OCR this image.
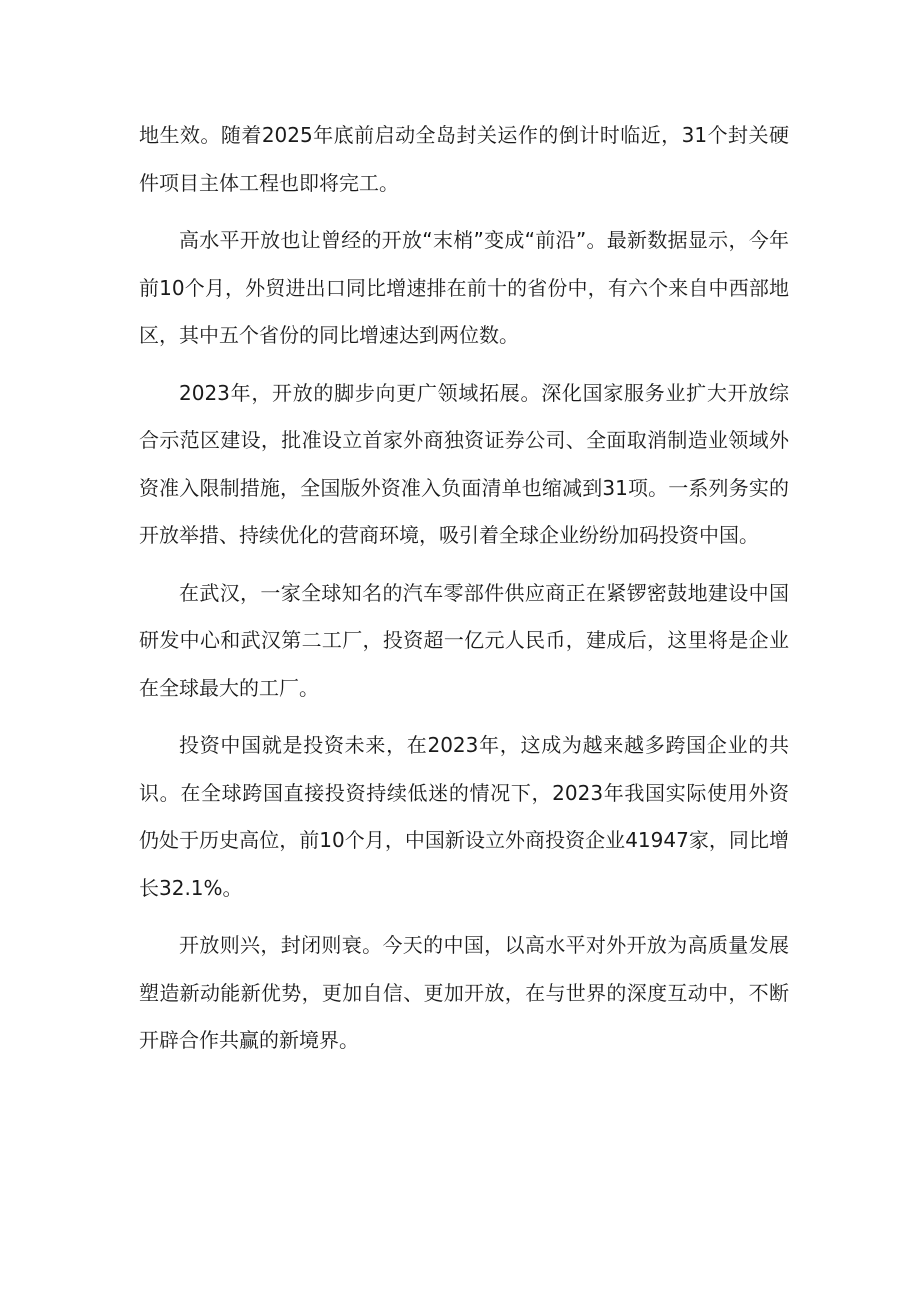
地生效。随着2025年底前启动全岛封关运作的倒计时临近，31个封关硬件项目主体工程也即将完工。

高水平开放也让曾经的开放“末梢”变成“前沿”。最新数据显示，今年前10个月，外贸进出口同比增速排在前十的省份中，有六个来自中西部地区，其中五个省份的同比增速达到两位数。

2023年，开放的脚步向更广领域拓展。深化国家服务业扩大开放综合示范区建设，批准设立首家外商独资证券公司、全面取消制造业领域外资准入限制措施，全国版外资准入负面清单也缩减到31项。一系列务实的开放举措、持续优化的营商环境，吸引着全球企业纷纷加码投资中国。

在武汉，一家全球知名的汽车零部件供应商正在紧锣密鼓地建设中国研发中心和武汉第二工厂，投资超一亿元人民币，建成后，这里将是企业在全球最大的工厂。

投资中国就是投资未来，在2023年，这成为越来越多跨国企业的共识。在全球跨国直接投资持续低迷的情况下，2023年我国实际使用外资仍处于历史高位，前10个月，中国新设立外商投资企业41947家，同比增长32.1%。

开放则兴，封闭则衰。今天的中国，以高水平对外开放为高质量发展塑造新动能新优势，更加自信、更加开放，在与世界的深度互动中，不断开辟合作共赢的新境界。
